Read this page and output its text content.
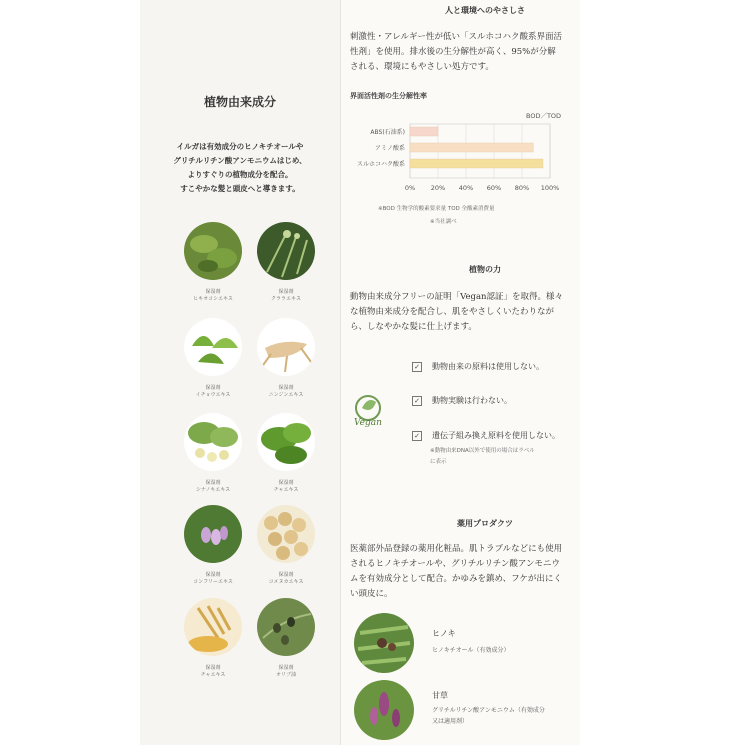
植物由来成分
イルガは有効成分のヒノキチオールや
グリチルリチン酸アンモニウムはじめ、
よりすぐりの植物成分を配合。
すこやかな髪と頭皮へと導きます。
保湿剤
ヒキオコシエキス
保湿剤
クララエキス
保湿剤
イチョウエキス
保湿剤
ニンジンエキス
保湿剤
シナノキエキス
保湿剤
チャエキス
保湿剤
コンフリーエキス
保湿剤
コメヌカエキス
保湿剤
チャエキス
保湿剤
オリブ油
人と環境へのやさしさ
刺激性・アレルギー性が低い「スルホコハク酸系界面活
性剤」を使用。排水後の生分解性が高く、95%が分解
される、環境にもやさしい処方です。
界面活性剤の生分解性率
BOD／TOD
ABS(石油系)
アミノ酸系
スルホコハク酸系
0% 20% 40% 60% 80% 100%
※BOD 生物学的酸素要求量 TOD 全酸素消費量
※当社調べ
植物の力
動物由来成分フリーの証明「Vegan認証」を取得。様々
な植物由来成分を配合し、肌をやさしくいたわりなが
ら、しなやかな髪に仕上げます。
Vegan
✓ 動物由来の原料は使用しない。
✓ 動物実験は行わない。
✓ 遺伝子組み換え原料を使用しない。
※動物由来DNA以外で使用の場合はラベル
に表示
薬用プロダクツ
医薬部外品登録の薬用化粧品。肌トラブルなどにも使用
されるヒノキチオールや、グリチルリチン酸アンモニウ
ムを有効成分として配合。かゆみを鎮め、フケが出にく
い頭皮に。
ヒノキ
ヒノキチオール（有効成分）
甘草
グリチルリチン酸アンモニウム（有効成分
又は適用剤）
